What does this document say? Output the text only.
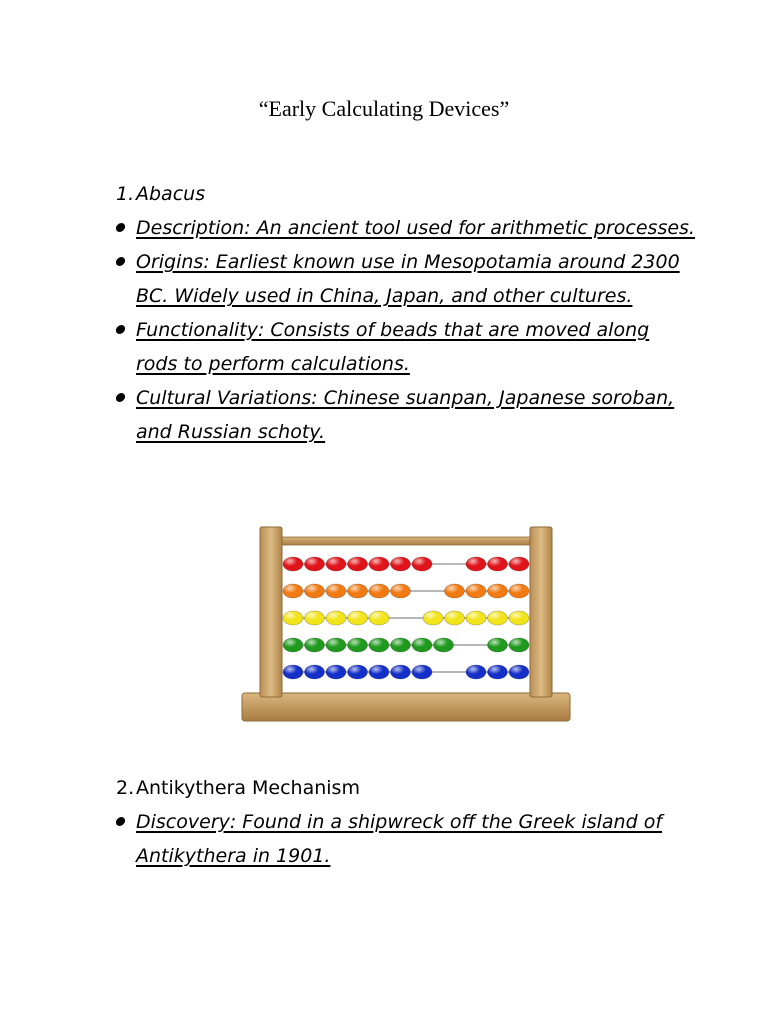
“Early Calculating Devices”
1. Abacus
Description: An ancient tool used for arithmetic processes.
Origins: Earliest known use in Mesopotamia around 2300 BC. Widely used in China, Japan, and other cultures.
Functionality: Consists of beads that are moved along rods to perform calculations.
Cultural Variations: Chinese suanpan, Japanese soroban, and Russian schoty.
2. Antikythera Mechanism
Discovery: Found in a shipwreck off the Greek island of Antikythera in 1901.
